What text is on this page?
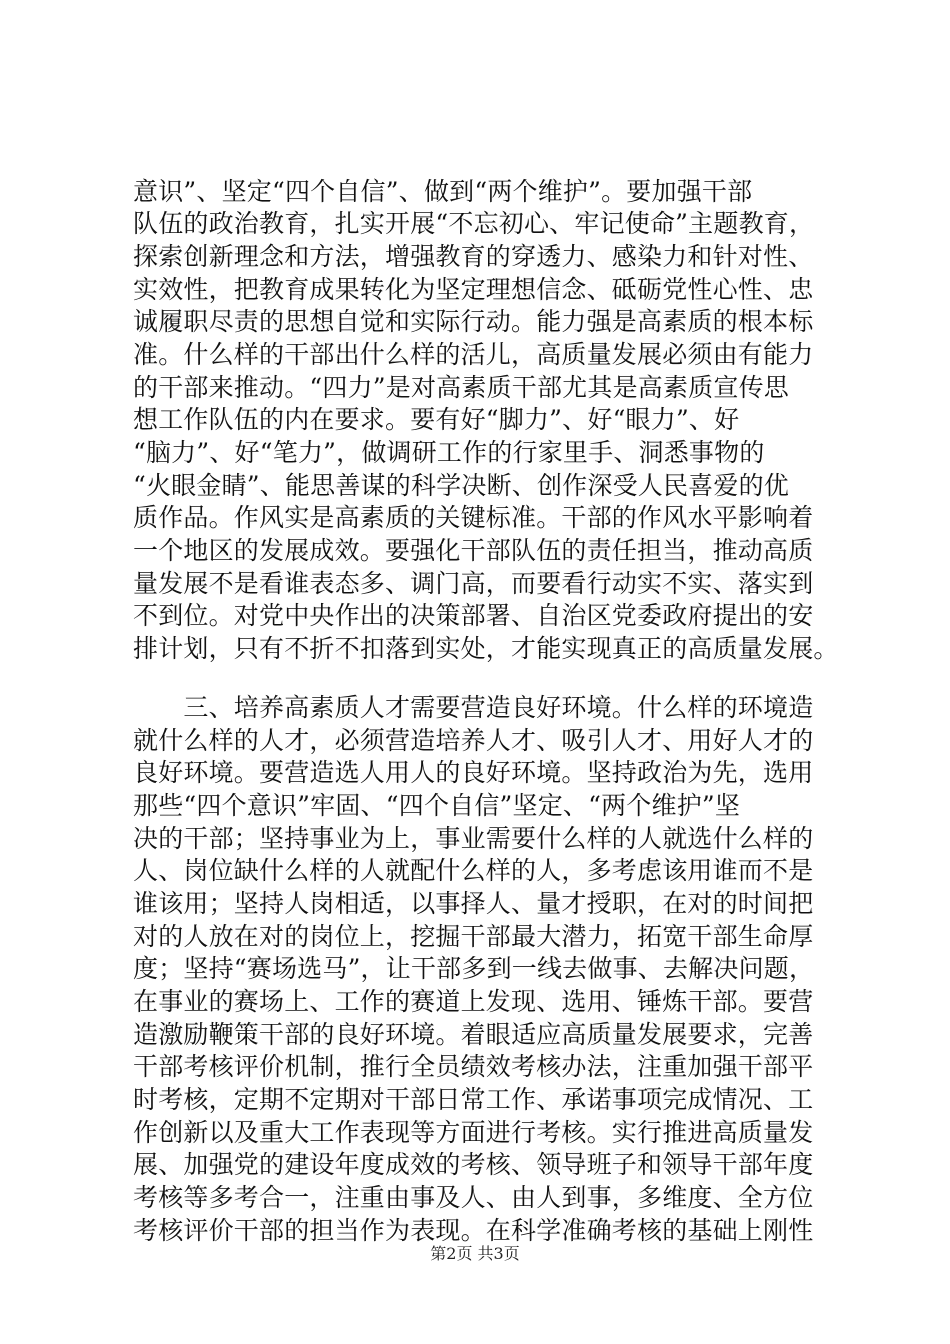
意识”、坚定“四个自信”、做到“两个维护”。要加强干部
队伍的政治教育，扎实开展“不忘初心、牢记使命”主题教育，
探索创新理念和方法，增强教育的穿透力、感染力和针对性、
实效性，把教育成果转化为坚定理想信念、砥砺党性心性、忠
诚履职尽责的思想自觉和实际行动。能力强是高素质的根本标
准。什么样的干部出什么样的活儿，高质量发展必须由有能力
的干部来推动。“四力”是对高素质干部尤其是高素质宣传思
想工作队伍的内在要求。要有好“脚力”、好“眼力”、好
“脑力”、好“笔力”，做调研工作的行家里手、洞悉事物的
“火眼金睛”、能思善谋的科学决断、创作深受人民喜爱的优
质作品。作风实是高素质的关键标准。干部的作风水平影响着
一个地区的发展成效。要强化干部队伍的责任担当，推动高质
量发展不是看谁表态多、调门高，而要看行动实不实、落实到
不到位。对党中央作出的决策部署、自治区党委政府提出的安
排计划，只有不折不扣落到实处，才能实现真正的高质量发展。
　　三、培养高素质人才需要营造良好环境。什么样的环境造
就什么样的人才，必须营造培养人才、吸引人才、用好人才的
良好环境。要营造选人用人的良好环境。坚持政治为先，选用
那些“四个意识”牢固、“四个自信”坚定、“两个维护”坚
决的干部；坚持事业为上，事业需要什么样的人就选什么样的
人、岗位缺什么样的人就配什么样的人，多考虑该用谁而不是
谁该用；坚持人岗相适，以事择人、量才授职，在对的时间把
对的人放在对的岗位上，挖掘干部最大潜力，拓宽干部生命厚
度；坚持“赛场选马”，让干部多到一线去做事、去解决问题，
在事业的赛场上、工作的赛道上发现、选用、锤炼干部。要营
造激励鞭策干部的良好环境。着眼适应高质量发展要求，完善
干部考核评价机制，推行全员绩效考核办法，注重加强干部平
时考核，定期不定期对干部日常工作、承诺事项完成情况、工
作创新以及重大工作表现等方面进行考核。实行推进高质量发
展、加强党的建设年度成效的考核、领导班子和领导干部年度
考核等多考合一，注重由事及人、由人到事，多维度、全方位
考核评价干部的担当作为表现。在科学准确考核的基础上刚性
第2页 共3页
